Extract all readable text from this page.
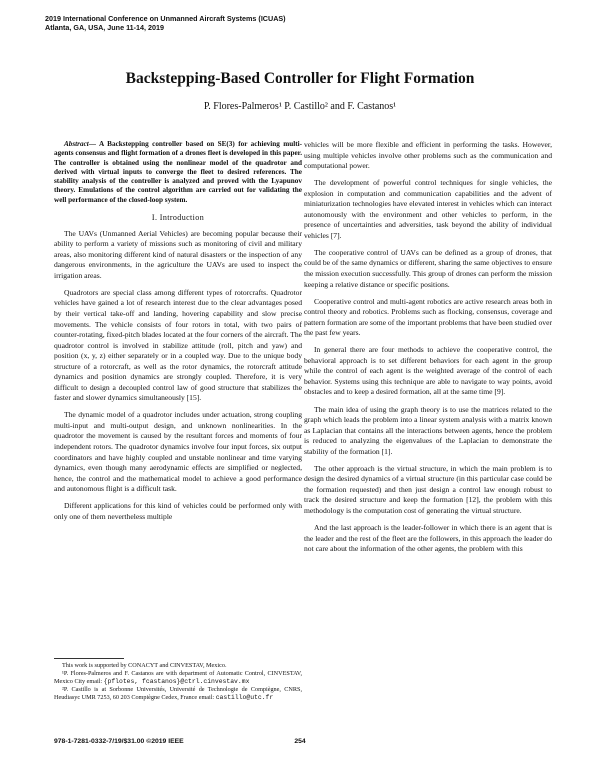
2019 International Conference on Unmanned Aircraft Systems (ICUAS)
Atlanta, GA, USA, June 11-14, 2019
Backstepping-Based Controller for Flight Formation
P. Flores-Palmeros¹ P. Castillo² and F. Castanos¹

Abstract— A Backstepping controller based on SE(3) for achieving multi-agents consensus and flight formation of a drones fleet is developed in this paper. The controller is obtained using the nonlinear model of the quadrotor and derived with virtual inputs to converge the fleet to desired references. The stability analysis of the controller is analyzed and proved with the Lyapunov theory. Emulations of the control algorithm are carried out for validating the well performance of the closed-loop system.

I. Introduction

The UAVs (Unmanned Aerial Vehicles) are becoming popular because their ability to perform a variety of missions such as monitoring of civil and military areas, also monitoring different kind of natural disasters or the inspection of any dangerous environments, in the agriculture the UAVs are used to inspect the irrigation areas.

Quadrotors are special class among different types of rotorcrafts. Quadrotor vehicles have gained a lot of research interest due to the clear advantages posed by their vertical take-off and landing, hovering capability and slow precise movements. The vehicle consists of four rotors in total, with two pairs of counter-rotating, fixed-pitch blades located at the four corners of the aircraft. The quadrotor control is involved in stabilize attitude (roll, pitch and yaw) and position (x, y, z) either separately or in a coupled way. Due to the unique body structure of a rotorcraft, as well as the rotor dynamics, the rotorcraft attitude dynamics and position dynamics are strongly coupled. Therefore, it is very difficult to design a decoupled control law of good structure that stabilizes the faster and slower dynamics simultaneously [15].

The dynamic model of a quadrotor includes under actuation, strong coupling multi-input and multi-output design, and unknown nonlinearities. In the quadrotor the movement is caused by the resultant forces and moments of four independent rotors. The quadrotor dynamics involve four input forces, six output coordinators and have highly coupled and unstable nonlinear and time varying dynamics, even though many aerodynamic effects are simplified or neglected, hence, the control and the mathematical model to achieve a good performance and autonomous flight is a difficult task.

Different applications for this kind of vehicles could be performed only with only one of them nevertheless multiple

vehicles will be more flexible and efficient in performing the tasks. However, using multiple vehicles involve other problems such as the communication and computational power.

The development of powerful control techniques for single vehicles, the explosion in computation and communication capabilities and the advent of miniaturization technologies have elevated interest in vehicles which can interact autonomously with the environment and other vehicles to perform, in the presence of uncertainties and adversities, task beyond the ability of individual vehicles [7].

The cooperative control of UAVs can be defined as a group of drones, that could be of the same dynamics or different, sharing the same objectives to ensure the mission execution successfully. This group of drones can perform the mission keeping a relative distance or specific positions.

Cooperative control and multi-agent robotics are active research areas both in control theory and robotics. Problems such as flocking, consensus, coverage and pattern formation are some of the important problems that have been studied over the past few years.

In general there are four methods to achieve the cooperative control, the behavioral approach is to set different behaviors for each agent in the group while the control of each agent is the weighted average of the control of each behavior. Systems using this technique are able to navigate to way points, avoid obstacles and to keep a desired formation, all at the same time [9].

The main idea of using the graph theory is to use the matrices related to the graph which leads the problem into a linear system analysis with a matrix known as Laplacian that contains all the interactions between agents, hence the problem is reduced to analyzing the eigenvalues of the Laplacian to demonstrate the stability of the formation [1].

The other approach is the virtual structure, in which the main problem is to design the desired dynamics of a virtual structure (in this particular case could be the formation requested) and then just design a control law enough robust to track the desired structure and keep the formation [12], the problem with this methodology is the computation cost of generating the virtual structure.

And the last approach is the leader-follower in which there is an agent that is the leader and the rest of the fleet are the followers, in this approach the leader do not care about the information of the other agents, the problem with this

This work is supported by CONACYT and CINVESTAV, Mexico.
¹P. Flores-Palmeros and F. Castanos are with department of Automatic Control, CINVESTAV, Mexico City email: {pflotes, fcastanos}@ctrl.cinvestav.mx
²P. Castillo is at Sorbonne Universités, Université de Technologie de Compiègne, CNRS, Heudiasyc UMR 7253, 60 203 Compiègne Cedex, France email: castillo@utc.fr
978-1-7281-0332-7/19/$31.00 ©2019 IEEE	254
